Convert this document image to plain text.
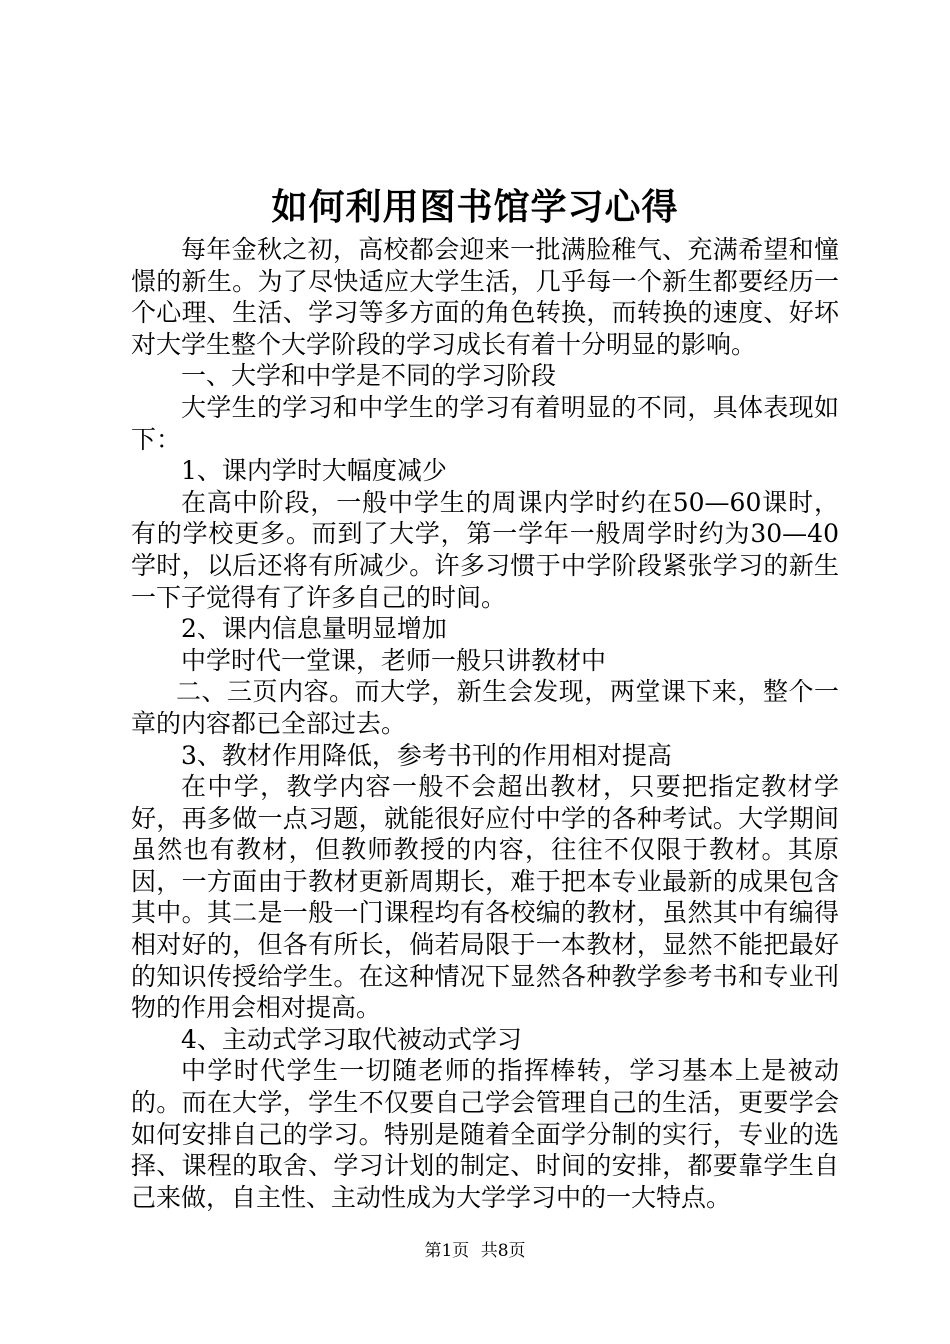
如何利用图书馆学习心得

每年金秋之初，高校都会迎来一批满脸稚气、充满希望和憧憬的新生。为了尽快适应大学生活，几乎每一个新生都要经历一个心理、生活、学习等多方面的角色转换，而转换的速度、好坏对大学生整个大学阶段的学习成长有着十分明显的影响。

一、大学和中学是不同的学习阶段

大学生的学习和中学生的学习有着明显的不同，具体表现如下：

1、课内学时大幅度减少

在高中阶段，一般中学生的周课内学时约在50—60课时，有的学校更多。而到了大学，第一学年一般周学时约为30—40学时，以后还将有所减少。许多习惯于中学阶段紧张学习的新生一下子觉得有了许多自己的时间。

2、课内信息量明显增加

中学时代一堂课，老师一般只讲教材中

二、三页内容。而大学，新生会发现，两堂课下来，整个一章的内容都已全部过去。

3、教材作用降低，参考书刊的作用相对提高

在中学，教学内容一般不会超出教材，只要把指定教材学好，再多做一点习题，就能很好应付中学的各种考试。大学期间虽然也有教材，但教师教授的内容，往往不仅限于教材。其原因，一方面由于教材更新周期长，难于把本专业最新的成果包含其中。其二是一般一门课程均有各校编的教材，虽然其中有编得相对好的，但各有所长，倘若局限于一本教材，显然不能把最好的知识传授给学生。在这种情况下显然各种教学参考书和专业刊物的作用会相对提高。

4、主动式学习取代被动式学习

中学时代学生一切随老师的指挥棒转，学习基本上是被动的。而在大学，学生不仅要自己学会管理自己的生活，更要学会如何安排自己的学习。特别是随着全面学分制的实行，专业的选择、课程的取舍、学习计划的制定、时间的安排，都要靠学生自己来做，自主性、主动性成为大学学习中的一大特点。

第1页 共8页
